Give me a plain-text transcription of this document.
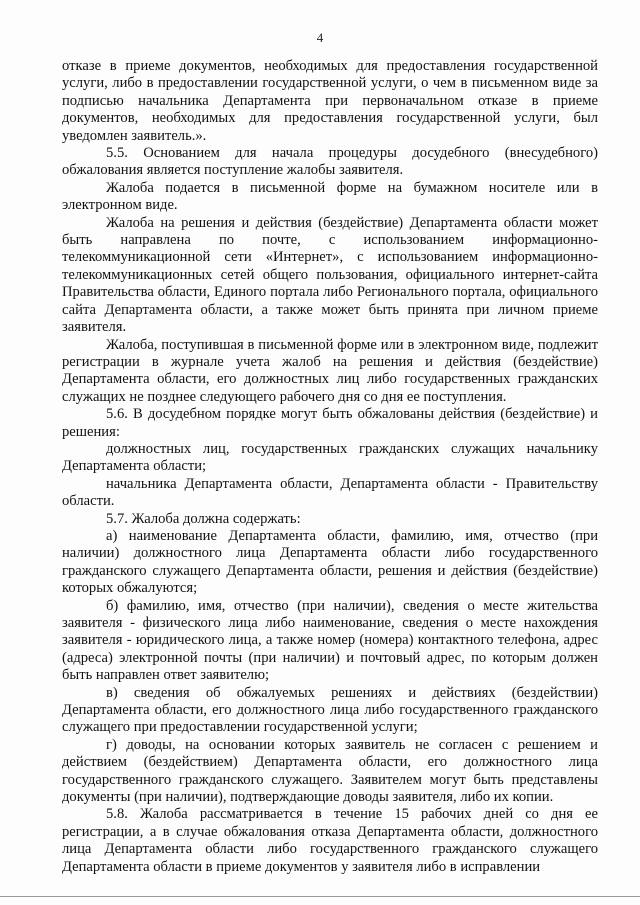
4

отказе в приеме документов, необходимых для предоставления государственной услуги, либо в предоставлении государственной услуги, о чем в письменном виде за подписью начальника Департамента при первоначальном отказе в приеме документов, необходимых для предоставления государственной услуги, был уведомлен заявитель.».

5.5. Основанием для начала процедуры досудебного (внесудебного) обжалования является поступление жалобы заявителя.

Жалоба подается в письменной форме на бумажном носителе или в электронном виде.

Жалоба на решения и действия (бездействие) Департамента области может быть направлена по почте, с использованием информационно-телекоммуникационной сети «Интернет», с использованием информационно-телекоммуникационных сетей общего пользования, официального интернет-сайта Правительства области, Единого портала либо Регионального портала, официального сайта Департамента области, а также может быть принята при личном приеме заявителя.

Жалоба, поступившая в письменной форме или в электронном виде, подлежит регистрации в журнале учета жалоб на решения и действия (бездействие) Департамента области, его должностных лиц либо государственных гражданских служащих не позднее следующего рабочего дня со дня ее поступления.

5.6. В досудебном порядке могут быть обжалованы действия (бездействие) и решения:

должностных лиц, государственных гражданских служащих начальнику Департамента области;

начальника Департамента области, Департамента области - Правительству области.

5.7. Жалоба должна содержать:

а) наименование Департамента области, фамилию, имя, отчество (при наличии) должностного лица Департамента области либо государственного гражданского служащего Департамента области, решения и действия (бездействие) которых обжалуются;

б) фамилию, имя, отчество (при наличии), сведения о месте жительства заявителя - физического лица либо наименование, сведения о месте нахождения заявителя - юридического лица, а также номер (номера) контактного телефона, адрес (адреса) электронной почты (при наличии) и почтовый адрес, по которым должен быть направлен ответ заявителю;

в) сведения об обжалуемых решениях и действиях (бездействии) Департамента области, его должностного лица либо государственного гражданского служащего при предоставлении государственной услуги;

г) доводы, на основании которых заявитель не согласен с решением и действием (бездействием) Департамента области, его должностного лица государственного гражданского служащего. Заявителем могут быть представлены документы (при наличии), подтверждающие доводы заявителя, либо их копии.

5.8. Жалоба рассматривается в течение 15 рабочих дней со дня ее регистрации, а в случае обжалования отказа Департамента области, должностного лица Департамента области либо государственного гражданского служащего Департамента области в приеме документов у заявителя либо в исправлении
